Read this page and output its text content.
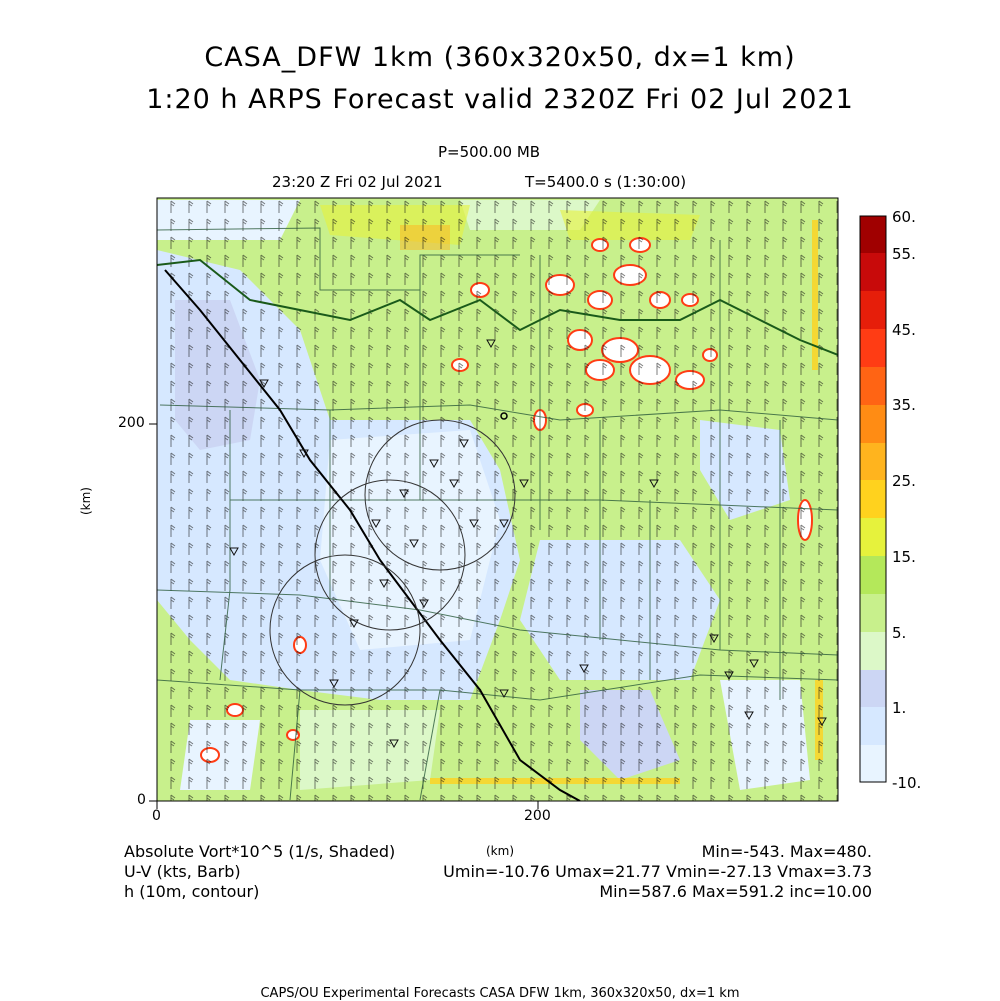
CASA_DFW 1km (360x320x50, dx=1 km)
1:20 h ARPS Forecast valid 2320Z Fri 02 Jul 2021
P=500.00 MB
23:20 Z Fri 02 Jul 2021	T=5400.0 s (1:30:00)
0	200
0
200
(km)
(km)
60.
55.
45.
35.
25.
15.
5.
1.
-10.
Absolute Vort*10^5 (1/s, Shaded)
U-V (kts, Barb)
h (10m, contour)
Min=-543. Max=480.
Umin=-10.76 Umax=21.77 Vmin=-27.13 Vmax=3.73
Min=587.6 Max=591.2 inc=10.00
CAPS/OU Experimental Forecasts CASA DFW 1km, 360x320x50, dx=1 km
